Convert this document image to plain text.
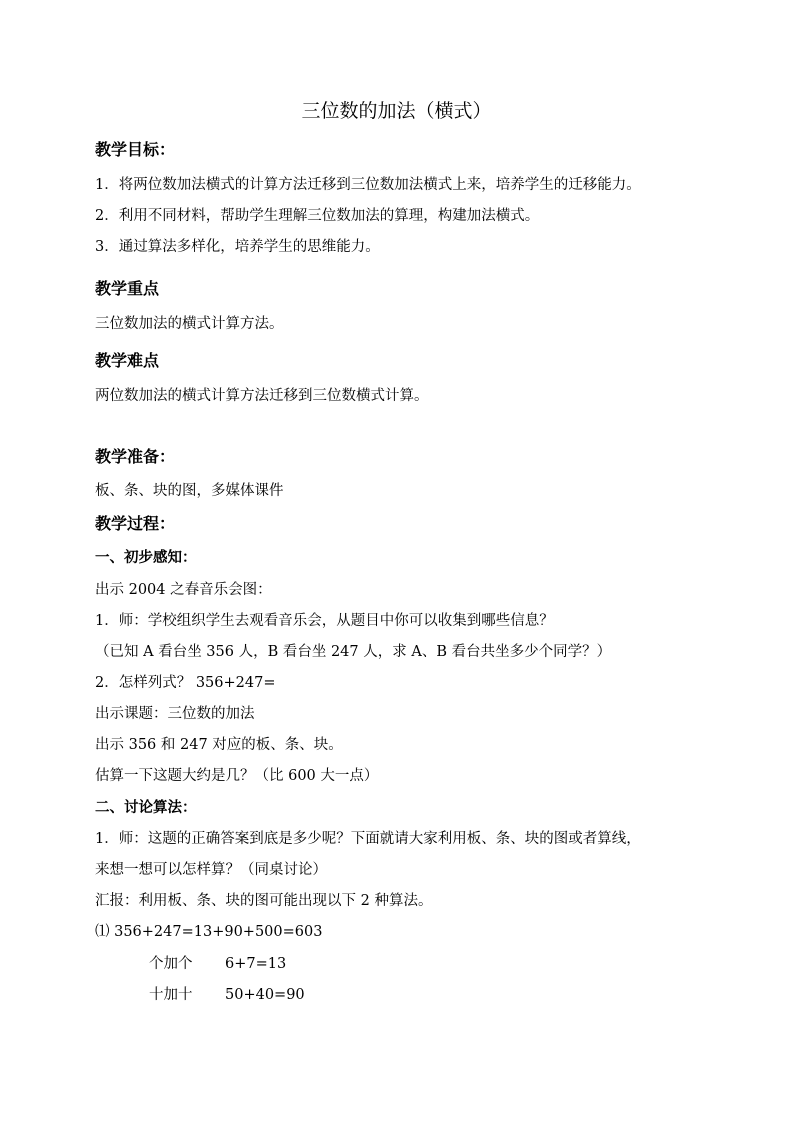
三位数的加法（横式）
教学目标：
1．将两位数加法横式的计算方法迁移到三位数加法横式上来，培养学生的迁移能力。
2．利用不同材料，帮助学生理解三位数加法的算理，构建加法横式。
3．通过算法多样化，培养学生的思维能力。
教学重点
三位数加法的横式计算方法。
教学难点
两位数加法的横式计算方法迁移到三位数横式计算。
教学准备：
板、条、块的图，多媒体课件
教学过程：
一、初步感知：
出示 2004 之春音乐会图：
1．师：学校组织学生去观看音乐会，从题目中你可以收集到哪些信息？
（已知 A 看台坐 356 人，B 看台坐 247 人，求 A、B 看台共坐多少个同学？）
2．怎样列式？ 356+247=
出示课题：三位数的加法
出示 356 和 247 对应的板、条、块。
估算一下这题大约是几？（比 600 大一点）
二、讨论算法：
1．师：这题的正确答案到底是多少呢？下面就请大家利用板、条、块的图或者算线，
来想一想可以怎样算？（同桌讨论）
汇报：利用板、条、块的图可能出现以下 2 种算法。
⑴ 356+247=13+90+500=603
个加个	6+7=13
十加十	50+40=90
